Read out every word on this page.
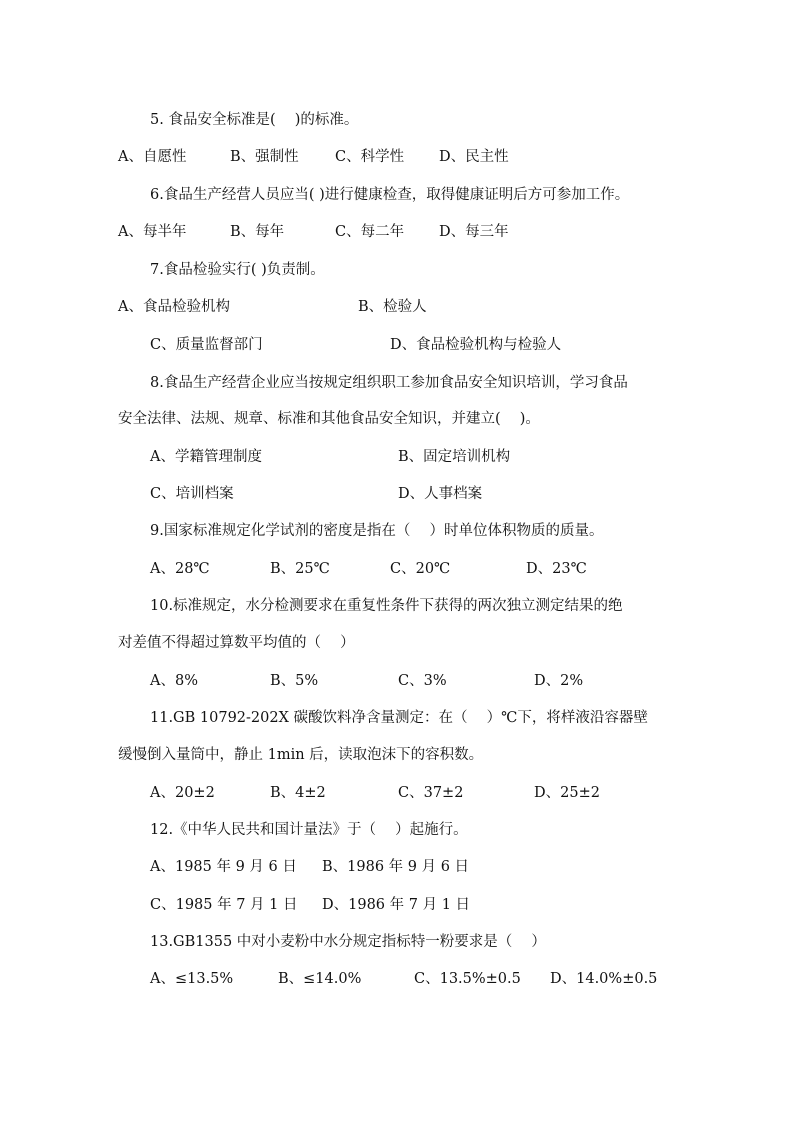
5. 食品安全标准是(　 )的标准。
A、自愿性	B、强制性	C、科学性 D、民主性
6.食品生产经营人员应当( )进行健康检查，取得健康证明后方可参加工作。
A、每半年	B、每年	C、每二年 D、每三年
7.食品检验实行( )负责制。
A、食品检验机构	B、检验人
C、质量监督部门	D、食品检验机构与检验人
8.食品生产经营企业应当按规定组织职工参加食品安全知识培训，学习食品
安全法律、法规、规章、标准和其他食品安全知识，并建立(　 )。
A、学籍管理制度	B、固定培训机构
C、培训档案	D、人事档案
9.国家标准规定化学试剂的密度是指在（　 ）时单位体积物质的质量。
A、28℃	B、25℃	C、20℃	D、23℃
10.标准规定，水分检测要求在重复性条件下获得的两次独立测定结果的绝
对差值不得超过算数平均值的（　 ）
A、8%	B、5%	C、3%	D、2%
11.GB 10792-202X 碳酸饮料净含量测定：在（　 ）℃下，将样液沿容器壁
缓慢倒入量筒中，静止 1min 后，读取泡沫下的容积数。
A、20±2	B、4±2	C、37±2	D、25±2
12.《中华人民共和国计量法》于（　 ）起施行。
A、1985 年 9 月 6 日 B、1986 年 9 月 6 日
C、1985 年 7 月 1 日 D、1986 年 7 月 1 日
13.GB1355 中对小麦粉中水分规定指标特一粉要求是（　 ）
A、≤13.5%	B、≤14.0%	C、13.5%±0.5 D、14.0%±0.5
